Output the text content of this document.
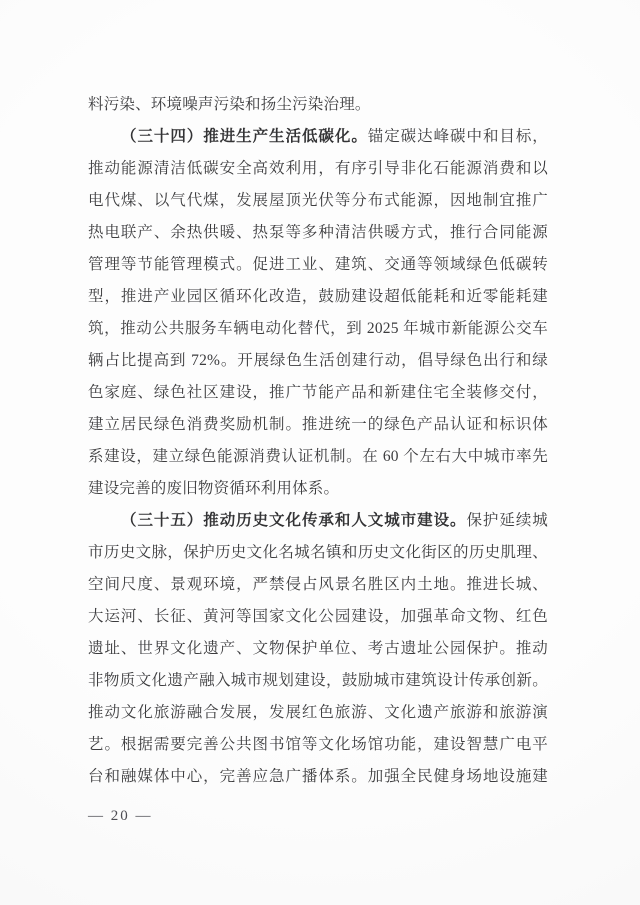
料污染、环境噪声污染和扬尘污染治理。
（三十四）推进生产生活低碳化。锚定碳达峰碳中和目标，
推动能源清洁低碳安全高效利用，有序引导非化石能源消费和以
电代煤、以气代煤，发展屋顶光伏等分布式能源，因地制宜推广
热电联产、余热供暖、热泵等多种清洁供暖方式，推行合同能源
管理等节能管理模式。促进工业、建筑、交通等领域绿色低碳转
型，推进产业园区循环化改造，鼓励建设超低能耗和近零能耗建
筑，推动公共服务车辆电动化替代，到 2025 年城市新能源公交车
辆占比提高到 72%。开展绿色生活创建行动，倡导绿色出行和绿
色家庭、绿色社区建设，推广节能产品和新建住宅全装修交付，
建立居民绿色消费奖励机制。推进统一的绿色产品认证和标识体
系建设，建立绿色能源消费认证机制。在 60 个左右大中城市率先
建设完善的废旧物资循环利用体系。
（三十五）推动历史文化传承和人文城市建设。保护延续城
市历史文脉，保护历史文化名城名镇和历史文化街区的历史肌理、
空间尺度、景观环境，严禁侵占风景名胜区内土地。推进长城、
大运河、长征、黄河等国家文化公园建设，加强革命文物、红色
遗址、世界文化遗产、文物保护单位、考古遗址公园保护。推动
非物质文化遗产融入城市规划建设，鼓励城市建筑设计传承创新。
推动文化旅游融合发展，发展红色旅游、文化遗产旅游和旅游演
艺。根据需要完善公共图书馆等文化场馆功能，建设智慧广电平
台和融媒体中心，完善应急广播体系。加强全民健身场地设施建
— 20 —
